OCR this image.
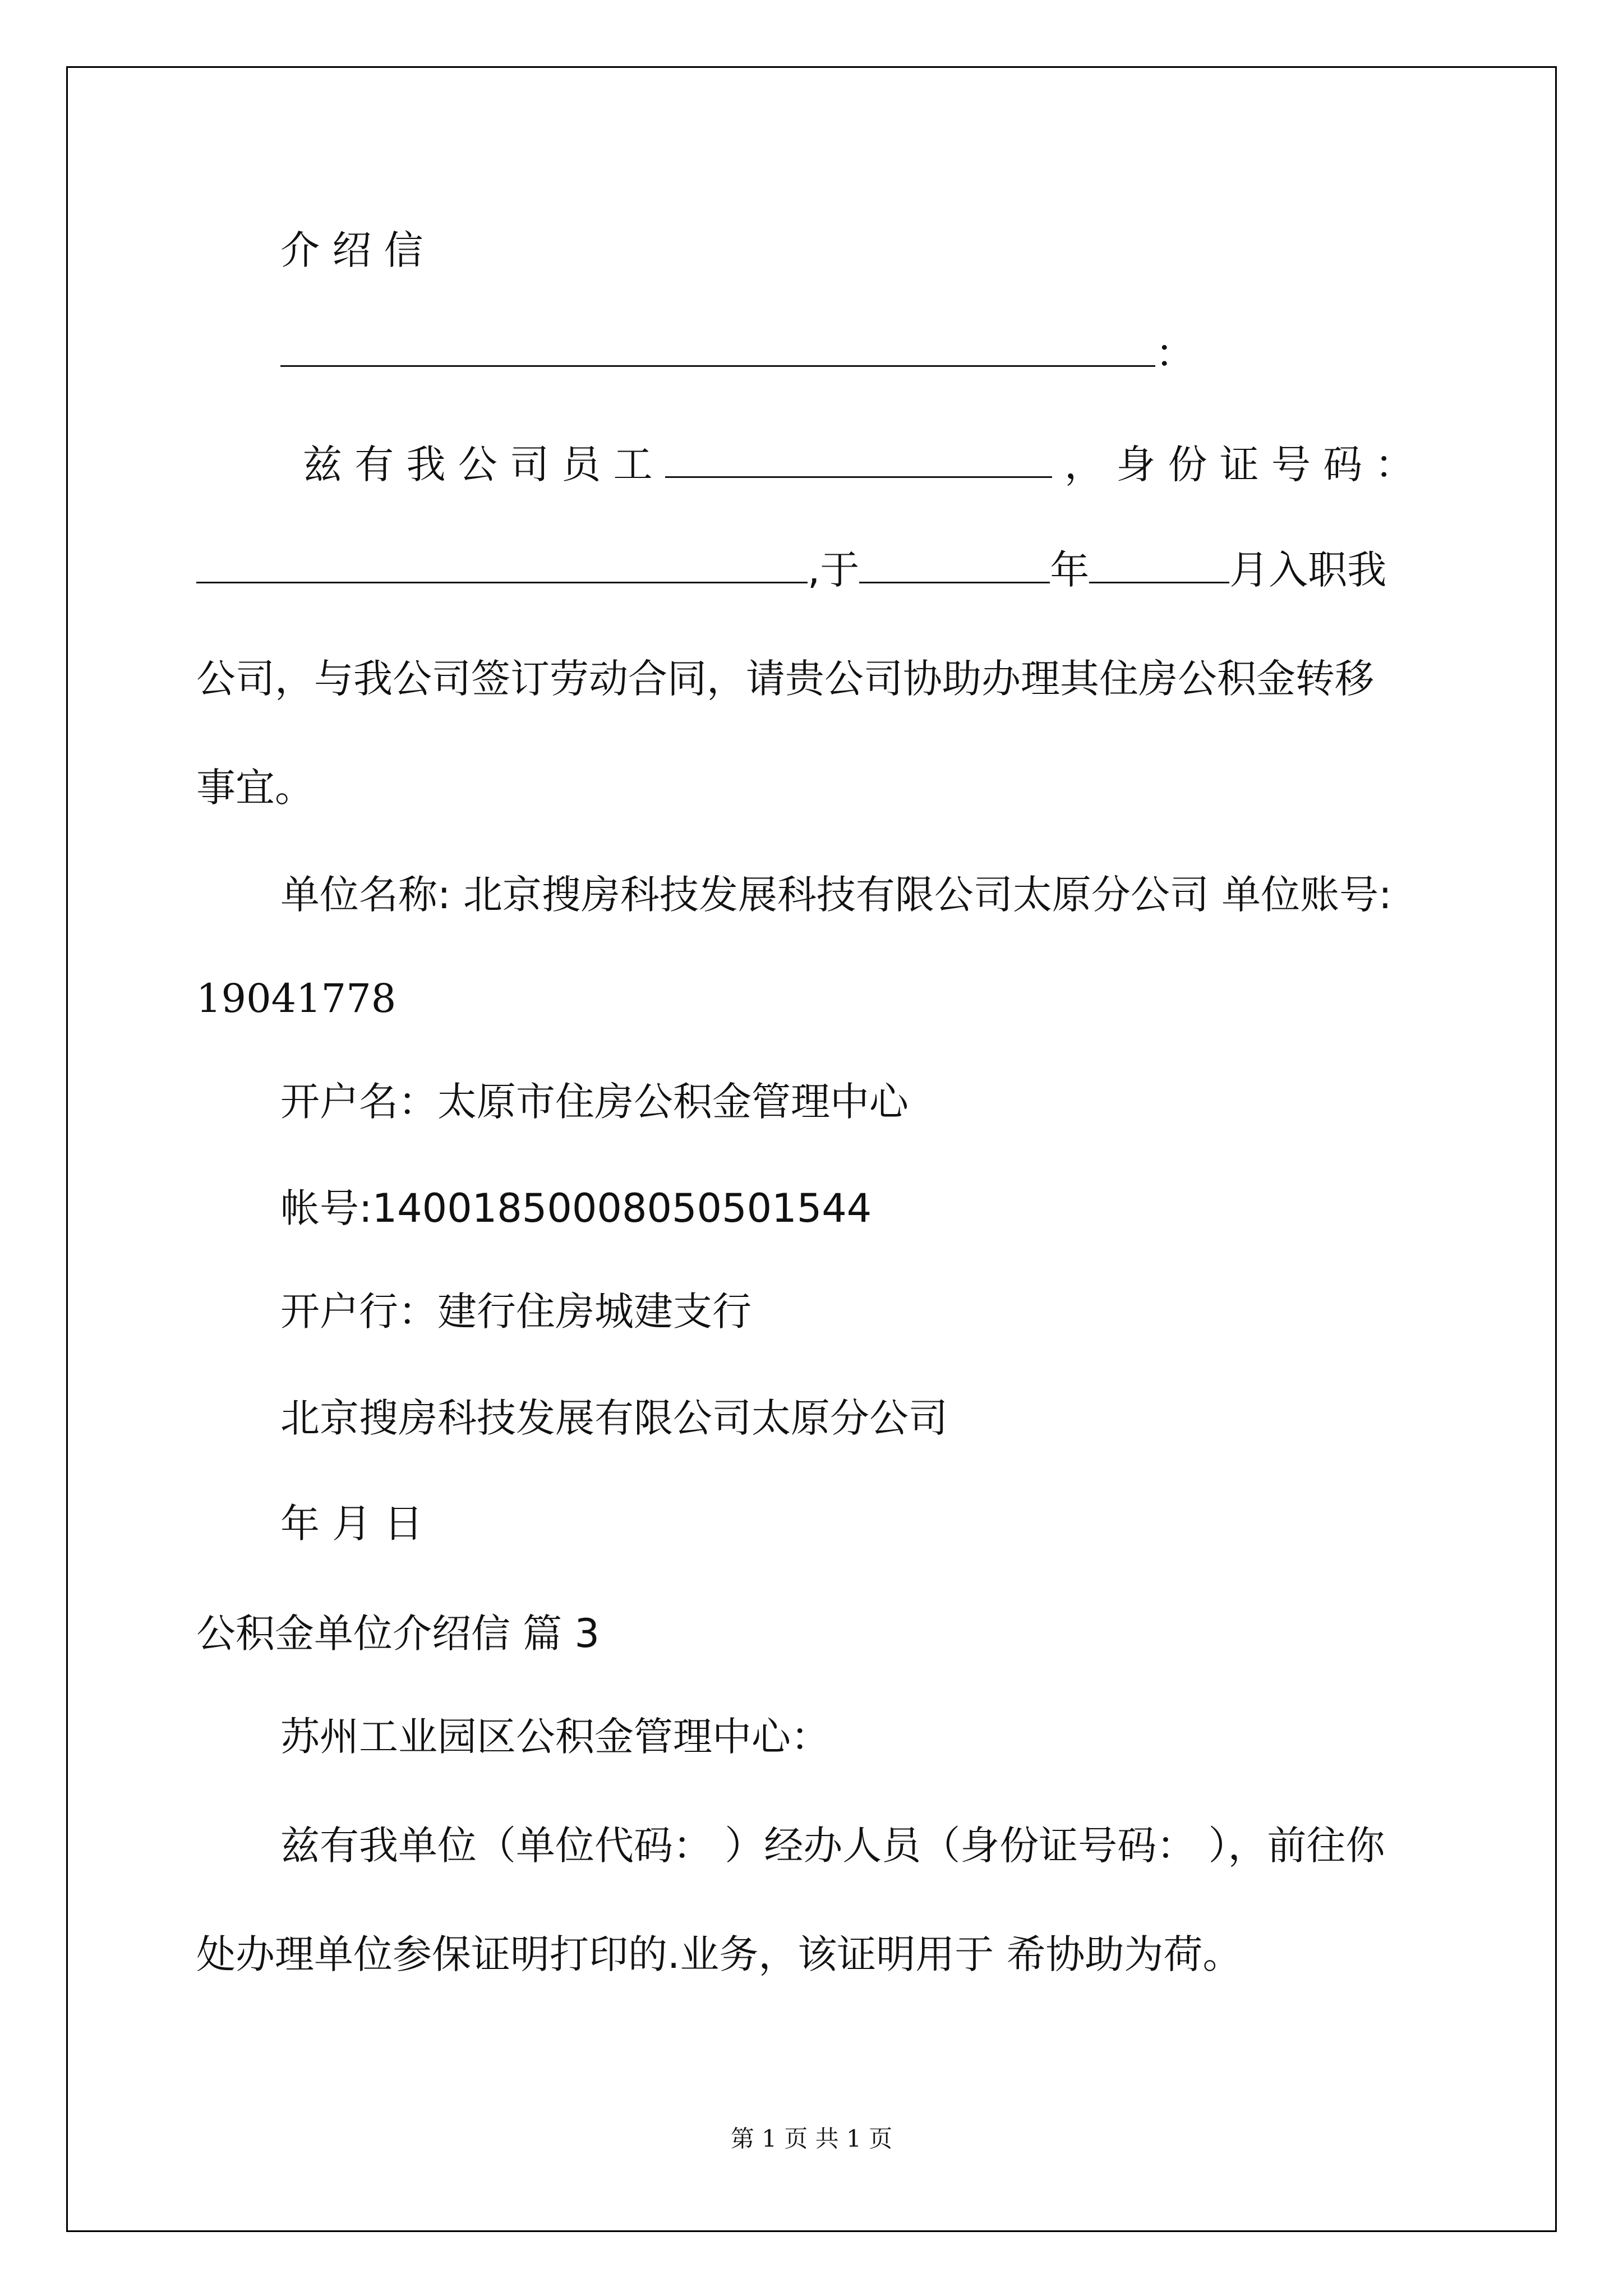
介 绍 信
：
兹 有 我 公 司 员 工	， 身 份 证 号 码 ：
,于	年	月入职我
公司，与我公司签订劳动合同，请贵公司协助办理其住房公积金转移
事宜。
单位名称: 北京搜房科技发展科技有限公司太原分公司 单位账号:
19041778
开户名：太原市住房公积金管理中心
帐号:14001850008050501544
开户行：建行住房城建支行
北京搜房科技发展有限公司太原分公司
年 月 日
公积金单位介绍信 篇 3
苏州工业园区公积金管理中心：
兹有我单位（单位代码： ）经办人员（身份证号码： ），前往你
处办理单位参保证明打印的.业务，该证明用于 希协助为荷。
第 1 页 共 1 页
